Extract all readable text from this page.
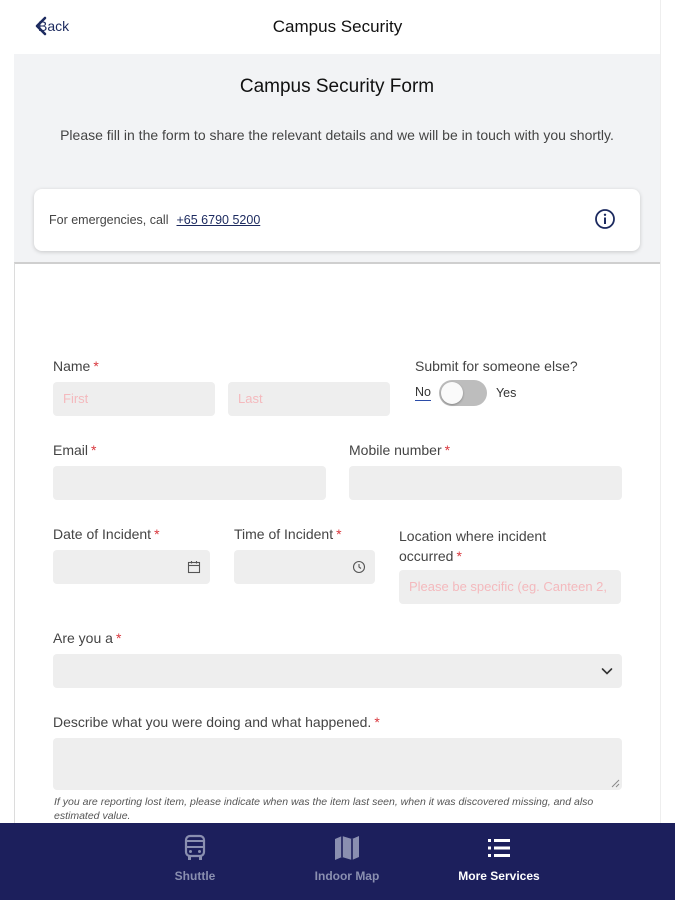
Back	Campus Security
Campus Security Form
Please fill in the form to share the relevant details and we will be in touch with you shortly.
For emergencies, call +65 6790 5200
Name *
First	Last
Submit for someone else?
No	Yes
Email *	Mobile number *
Date of Incident *	Time of Incident *	Location where incident
occurred *
Please be specific (eg. Canteen 2,
Are you a *
Describe what you were doing and what happened. *
If you are reporting lost item, please indicate when was the item last seen, when it was discovered missing, and also estimated value.
Shuttle	Indoor Map	More Services
